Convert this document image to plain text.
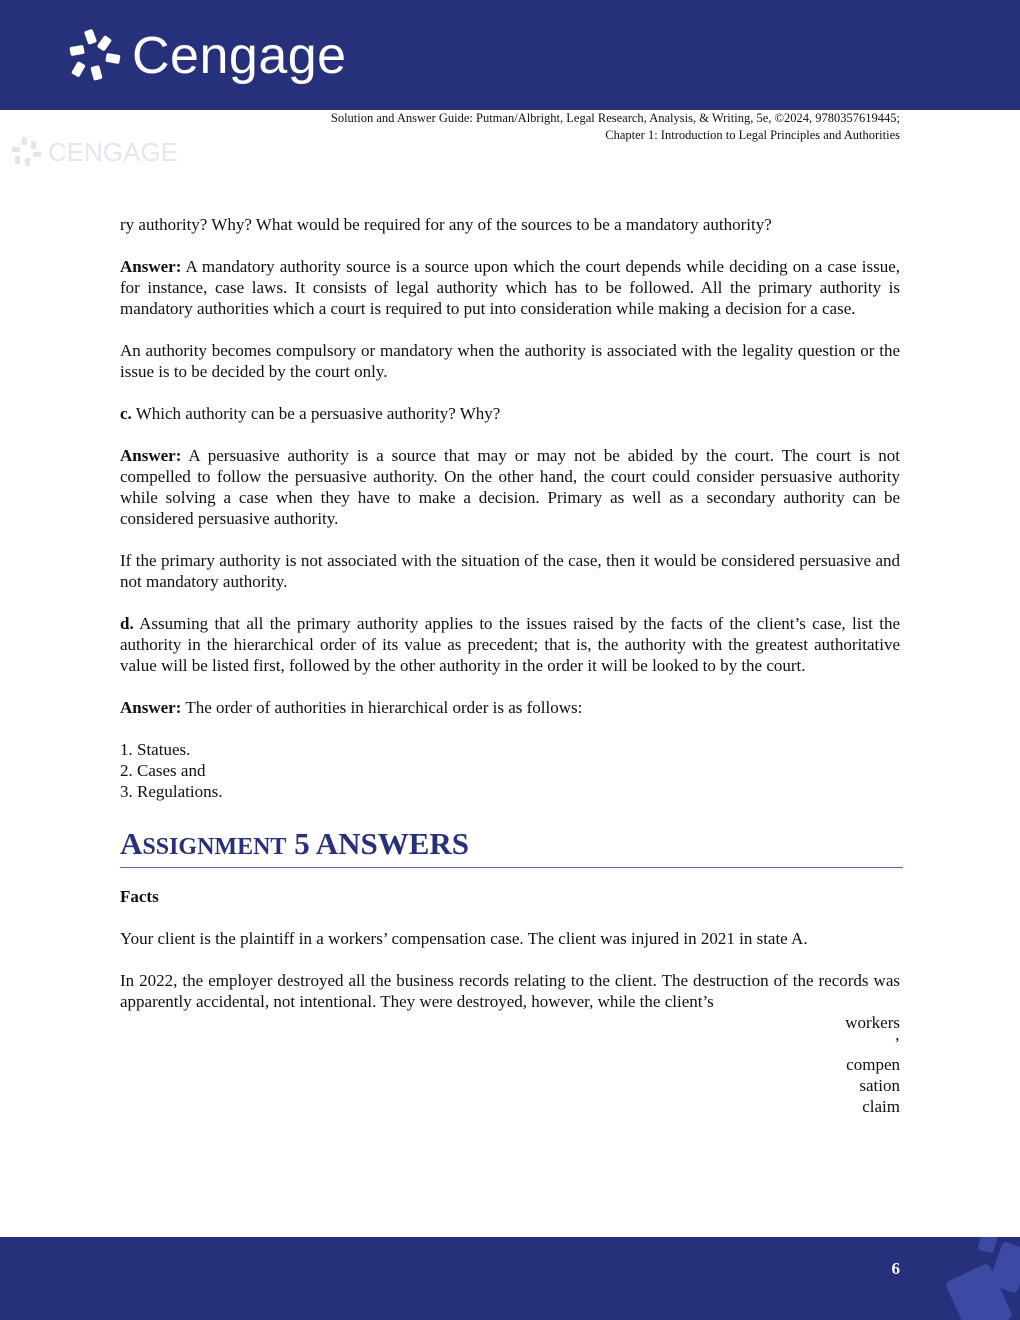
Cengage
Solution and Answer Guide: Putman/Albright, Legal Research, Analysis, & Writing, 5e, ©2024, 9780357619445;
Chapter 1: Introduction to Legal Principles and Authorities
CENGAGE

ry authority? Why? What would be required for any of the sources to be a mandatory authority?

Answer: A mandatory authority source is a source upon which the court depends while deciding on a case issue, for instance, case laws. It consists of legal authority which has to be followed. All the primary authority is mandatory authorities which a court is required to put into consideration while making a decision for a case.

An authority becomes compulsory or mandatory when the authority is associated with the legality question or the issue is to be decided by the court only.

c. Which authority can be a persuasive authority? Why?

Answer: A persuasive authority is a source that may or may not be abided by the court. The court is not compelled to follow the persuasive authority. On the other hand, the court could consider persuasive authority while solving a case when they have to make a decision. Primary as well as a secondary authority can be considered persuasive authority.

If the primary authority is not associated with the situation of the case, then it would be considered persuasive and not mandatory authority.

d. Assuming that all the primary authority applies to the issues raised by the facts of the client’s case, list the authority in the hierarchical order of its value as precedent; that is, the authority with the greatest authoritative value will be listed first, followed by the other authority in the order it will be looked to by the court.

Answer: The order of authorities in hierarchical order is as follows:

1. Statues.
2. Cases and
3. Regulations.

ASSIGNMENT 5 ANSWERS

Facts

Your client is the plaintiff in a workers’ compensation case. The client was injured in 2021 in state A.

In 2022, the employer destroyed all the business records relating to the client. The destruction of the records was apparently accidental, not intentional. They were destroyed, however, while the client’s

workers
’
compen
sation
claim
6
